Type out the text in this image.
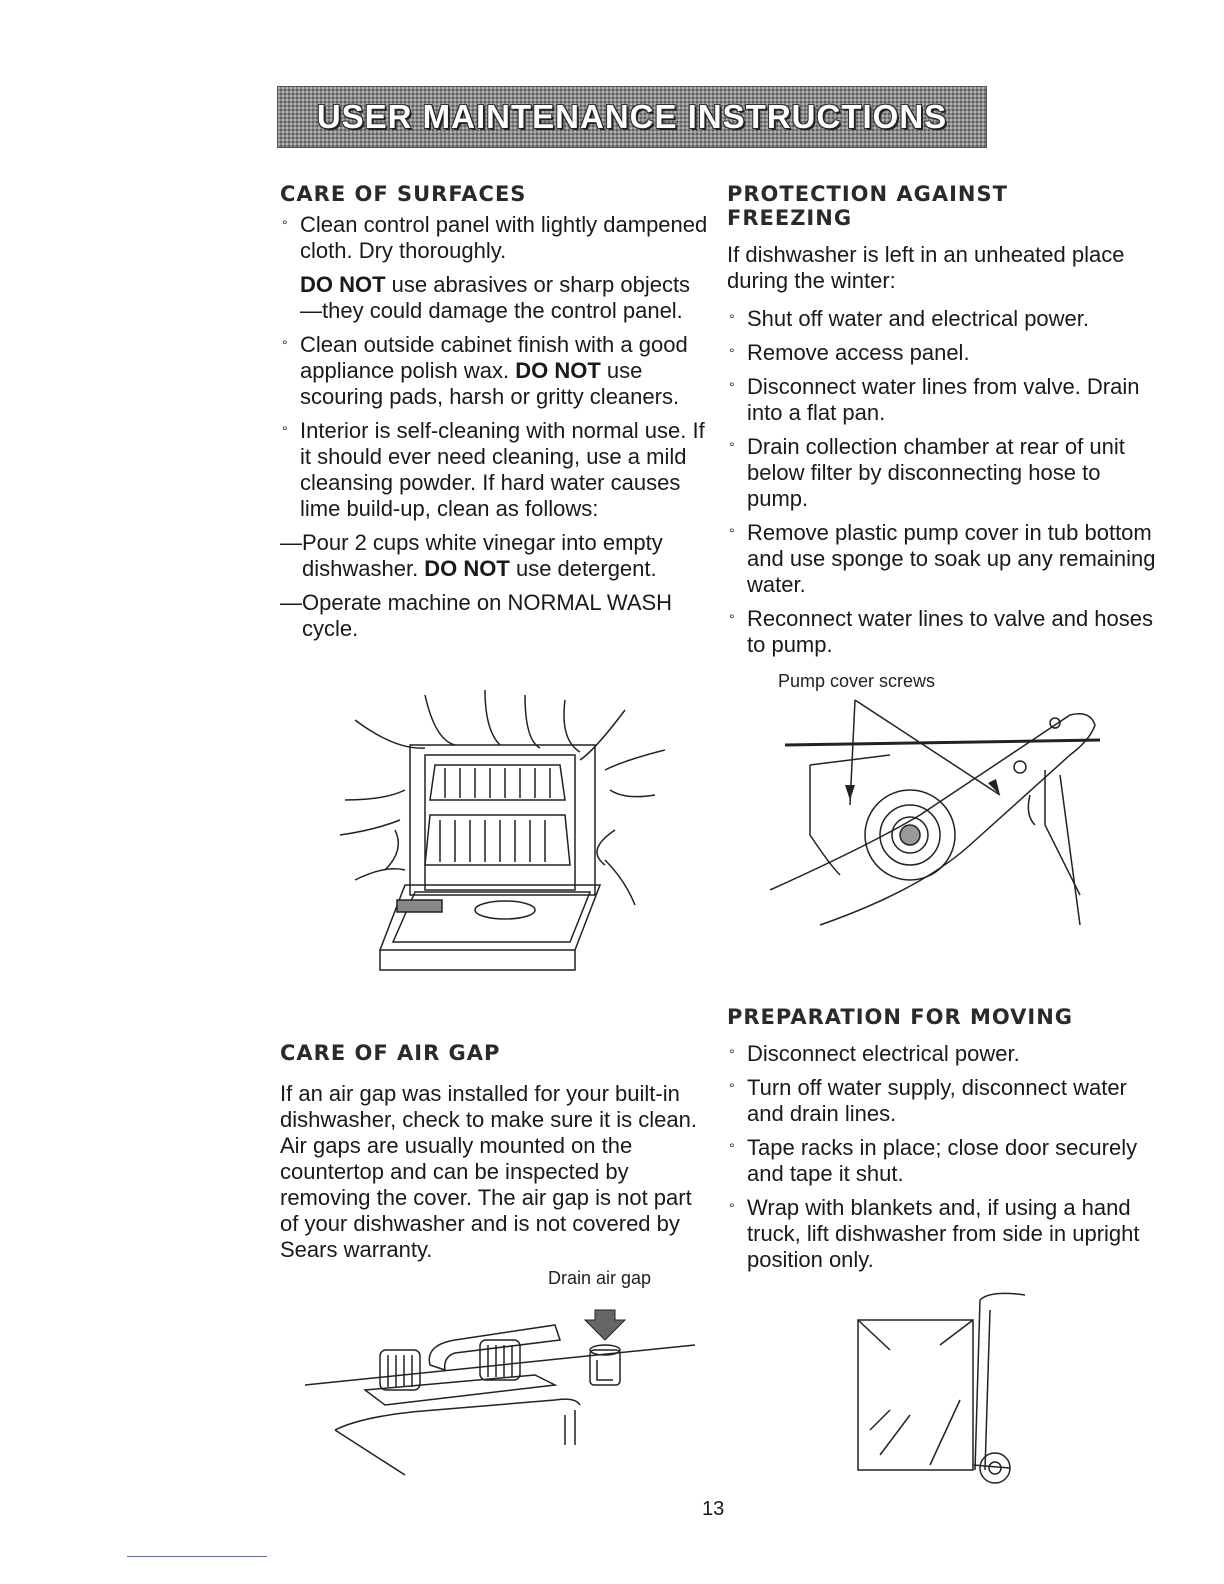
USER MAINTENANCE INSTRUCTIONS
CARE OF SURFACES
° Clean control panel with lightly dampened cloth. Dry thoroughly.
DO NOT use abrasives or sharp objects—they could damage the control panel.
° Clean outside cabinet finish with a good appliance polish wax. DO NOT use scouring pads, harsh or gritty cleaners.
° Interior is self-cleaning with normal use. If it should ever need cleaning, use a mild cleansing powder. If hard water causes lime build-up, clean as follows:
— Pour 2 cups white vinegar into empty dishwasher. DO NOT use detergent.
— Operate machine on NORMAL WASH cycle.
CARE OF AIR GAP
If an air gap was installed for your built-in dishwasher, check to make sure it is clean. Air gaps are usually mounted on the countertop and can be inspected by removing the cover. The air gap is not part of your dishwasher and is not covered by Sears warranty.
Drain air gap
PROTECTION AGAINST
FREEZING
If dishwasher is left in an unheated place during the winter:
° Shut off water and electrical power.
° Remove access panel.
° Disconnect water lines from valve. Drain into a flat pan.
° Drain collection chamber at rear of unit below filter by disconnecting hose to pump.
° Remove plastic pump cover in tub bottom and use sponge to soak up any remaining water.
° Reconnect water lines to valve and hoses to pump.
Pump cover screws
PREPARATION FOR MOVING
° Disconnect electrical power.
° Turn off water supply, disconnect water and drain lines.
° Tape racks in place; close door securely and tape it shut.
° Wrap with blankets and, if using a hand truck, lift dishwasher from side in upright position only.
13
